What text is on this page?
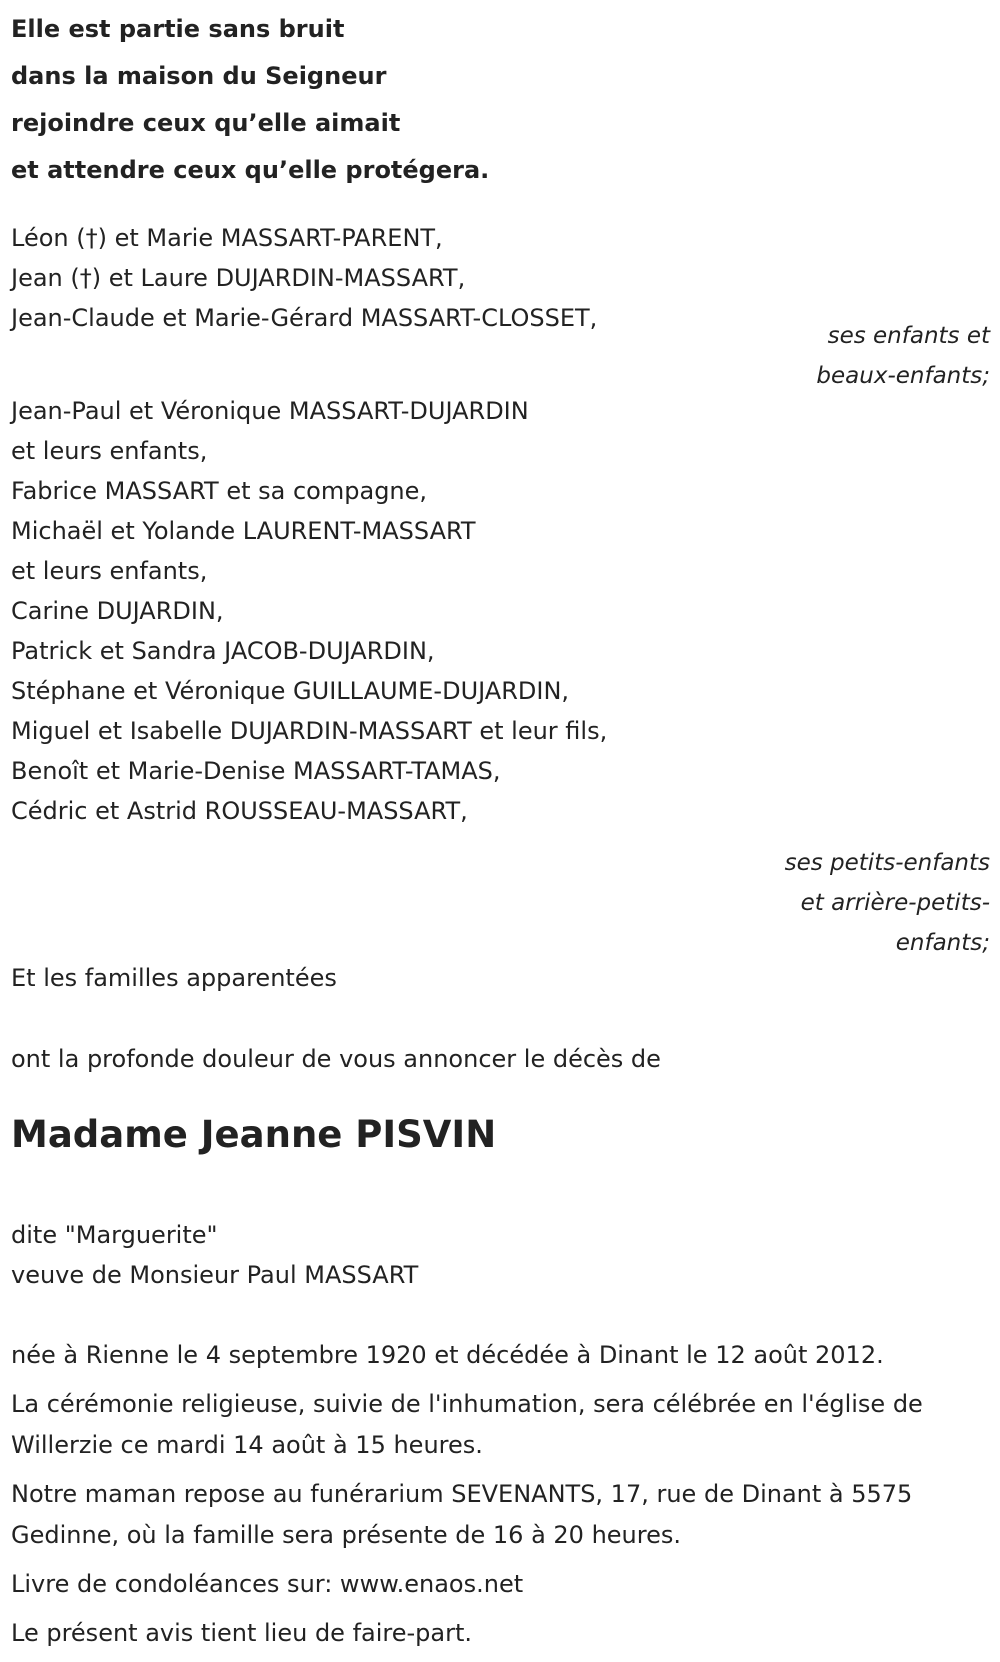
Elle est partie sans bruit
dans la maison du Seigneur
rejoindre ceux qu’elle aimait
et attendre ceux qu’elle protégera.
Léon (†) et Marie MASSART-PARENT,
Jean (†) et Laure DUJARDIN-MASSART,
Jean-Claude et Marie-Gérard MASSART-CLOSSET,
ses enfants et
beaux-enfants;
Jean-Paul et Véronique MASSART-DUJARDIN
et leurs enfants,
Fabrice MASSART et sa compagne,
Michaël et Yolande LAURENT-MASSART
et leurs enfants,
Carine DUJARDIN,
Patrick et Sandra JACOB-DUJARDIN,
Stéphane et Véronique GUILLAUME-DUJARDIN,
Miguel et Isabelle DUJARDIN-MASSART et leur fils,
Benoît et Marie-Denise MASSART-TAMAS,
Cédric et Astrid ROUSSEAU-MASSART,
ses petits-enfants
et arrière-petits-
enfants;
Et les familles apparentées
ont la profonde douleur de vous annoncer le décès de
Madame Jeanne PISVIN
dite "Marguerite"
veuve de Monsieur Paul MASSART

née à Rienne le 4 septembre 1920 et décédée à Dinant le 12 août 2012.

La cérémonie religieuse, suivie de l'inhumation, sera célébrée en l'église de Willerzie ce mardi 14 août à 15 heures.

Notre maman repose au funérarium SEVENANTS, 17, rue de Dinant à 5575 Gedinne, où la famille sera présente de 16 à 20 heures.

Livre de condoléances sur: www.enaos.net

Le présent avis tient lieu de faire-part.
